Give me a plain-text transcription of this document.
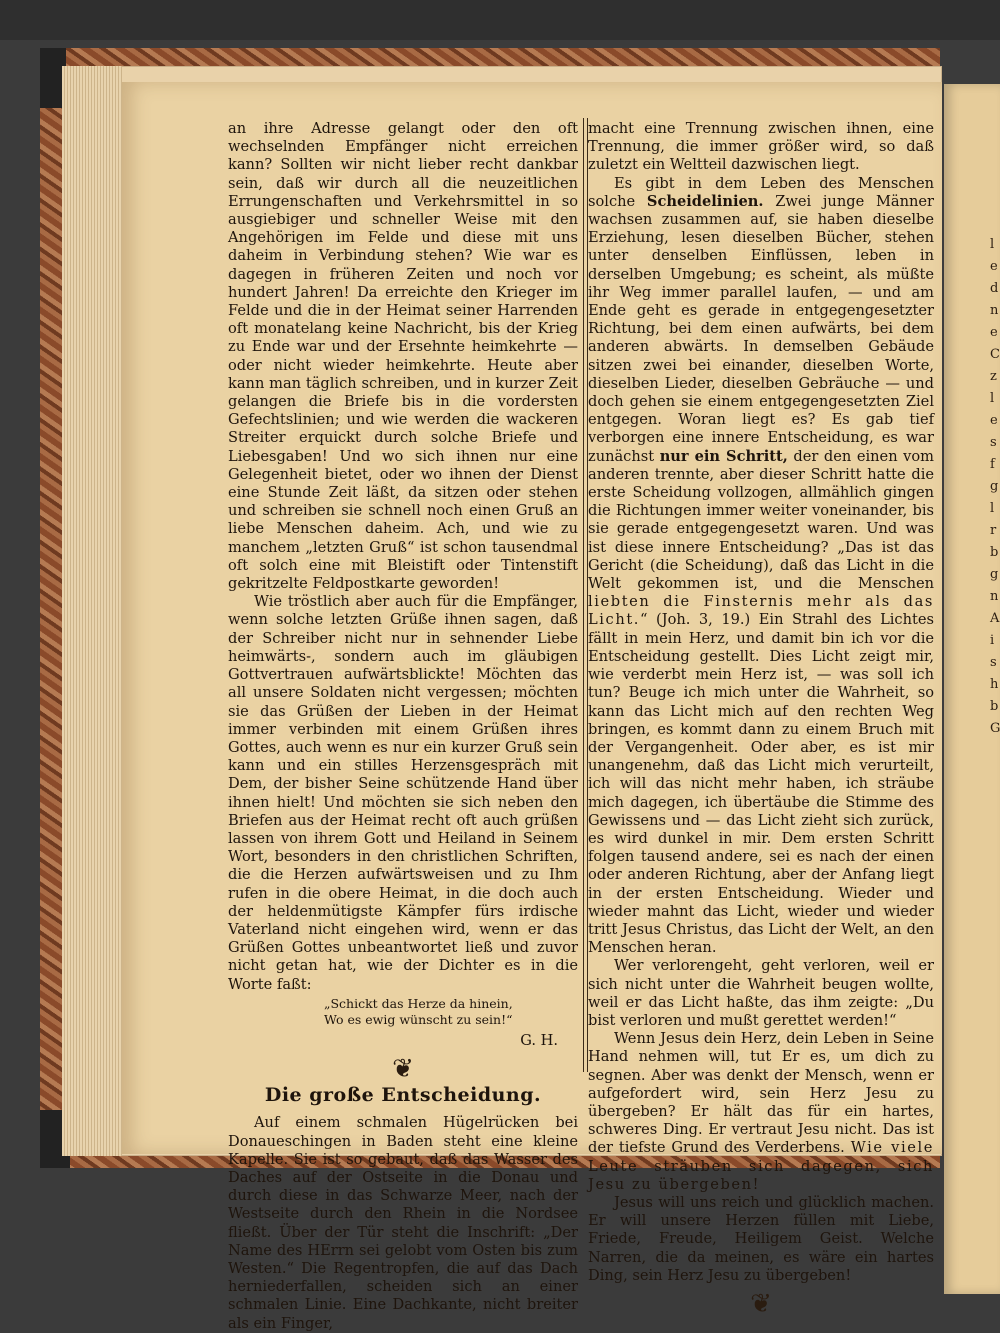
l
e
d
n
e
C
z
l
e
s
f
g
l
r
b
g
n
A
i
s
h
b
G

an ihre Adresse gelangt oder den oft wechselnden Empfänger nicht erreichen kann? Sollten wir nicht lieber recht dankbar sein, daß wir durch all die neuzeitlichen Errungenschaften und Verkehrsmittel in so ausgiebiger und schneller Weise mit den Angehörigen im Felde und diese mit uns daheim in Verbindung stehen? Wie war es dagegen in früheren Zeiten und noch vor hundert Jahren! Da erreichte den Krieger im Felde und die in der Heimat seiner Harrenden oft monatelang keine Nachricht, bis der Krieg zu Ende war und der Ersehnte heimkehrte — oder nicht wieder heimkehrte. Heute aber kann man täglich schreiben, und in kurzer Zeit gelangen die Briefe bis in die vordersten Gefechtslinien; und wie werden die wackeren Streiter erquickt durch solche Briefe und Liebesgaben! Und wo sich ihnen nur eine Gelegenheit bietet, oder wo ihnen der Dienst eine Stunde Zeit läßt, da sitzen oder stehen und schreiben sie schnell noch einen Gruß an liebe Menschen daheim. Ach, und wie zu manchem „letzten Gruß“ ist schon tausendmal oft solch eine mit Bleistift oder Tintenstift gekritzelte Feldpostkarte geworden!

Wie tröstlich aber auch für die Empfänger, wenn solche letzten Grüße ihnen sagen, daß der Schreiber nicht nur in sehnender Liebe heimwärts-, sondern auch im gläubigen Gottvertrauen aufwärtsblickte! Möchten das all unsere Soldaten nicht vergessen; möchten sie das Grüßen der Lieben in der Heimat immer verbinden mit einem Grüßen ihres Gottes, auch wenn es nur ein kurzer Gruß sein kann und ein stilles Herzensgespräch mit Dem, der bisher Seine schützende Hand über ihnen hielt! Und möchten sie sich neben den Briefen aus der Heimat recht oft auch grüßen lassen von ihrem Gott und Heiland in Seinem Wort, besonders in den christlichen Schriften, die die Herzen aufwärtsweisen und zu Ihm rufen in die obere Heimat, in die doch auch der heldenmütigste Kämpfer fürs irdische Vaterland nicht eingehen wird, wenn er das Grüßen Gottes unbeantwortet ließ und zuvor nicht getan hat, wie der Dichter es in die Worte faßt:

„Schickt das Herze da hinein,
Wo es ewig wünscht zu sein!“
G. H.
❦
Die große Entscheidung.

Auf einem schmalen Hügelrücken bei Donaueschingen in Baden steht eine kleine Kapelle. Sie ist so gebaut, daß das Wasser des Daches auf der Ostseite in die Donau und durch diese in das Schwarze Meer, nach der Westseite durch den Rhein in die Nordsee fließt. Über der Tür steht die Inschrift: „Der Name des HErrn sei gelobt vom Osten bis zum Westen.“ Die Regentropfen, die auf das Dach herniederfallen, scheiden sich an einer schmalen Linie. Eine Dachkante, nicht breiter als ein Finger,

macht eine Trennung zwischen ihnen, eine Trennung, die immer größer wird, so daß zuletzt ein Weltteil dazwischen liegt.

Es gibt in dem Leben des Menschen solche Scheidelinien. Zwei junge Männer wachsen zusammen auf, sie haben dieselbe Erziehung, lesen dieselben Bücher, stehen unter denselben Einflüssen, leben in derselben Umgebung; es scheint, als müßte ihr Weg immer parallel laufen, — und am Ende geht es gerade in entgegengesetzter Richtung, bei dem einen aufwärts, bei dem anderen abwärts. In demselben Gebäude sitzen zwei bei einander, dieselben Worte, dieselben Lieder, dieselben Gebräuche — und doch gehen sie einem entgegengesetzten Ziel entgegen. Woran liegt es? Es gab tief verborgen eine innere Entscheidung, es war zunächst nur ein Schritt, der den einen vom anderen trennte, aber dieser Schritt hatte die erste Scheidung vollzogen, allmählich gingen die Richtungen immer weiter voneinander, bis sie gerade entgegengesetzt waren. Und was ist diese innere Entscheidung? „Das ist das Gericht (die Scheidung), daß das Licht in die Welt gekommen ist, und die Menschen liebten die Finsternis mehr als das Licht.“ (Joh. 3, 19.) Ein Strahl des Lichtes fällt in mein Herz, und damit bin ich vor die Entscheidung gestellt. Dies Licht zeigt mir, wie verderbt mein Herz ist, — was soll ich tun? Beuge ich mich unter die Wahrheit, so kann das Licht mich auf den rechten Weg bringen, es kommt dann zu einem Bruch mit der Vergangenheit. Oder aber, es ist mir unangenehm, daß das Licht mich verurteilt, ich will das nicht mehr haben, ich sträube mich dagegen, ich übertäube die Stimme des Gewissens und — das Licht zieht sich zurück, es wird dunkel in mir. Dem ersten Schritt folgen tausend andere, sei es nach der einen oder anderen Richtung, aber der Anfang liegt in der ersten Entscheidung. Wieder und wieder mahnt das Licht, wieder und wieder tritt Jesus Christus, das Licht der Welt, an den Menschen heran.

Wer verlorengeht, geht verloren, weil er sich nicht unter die Wahrheit beugen wollte, weil er das Licht haßte, das ihm zeigte: „Du bist verloren und mußt gerettet werden!“

Wenn Jesus dein Herz, dein Leben in Seine Hand nehmen will, tut Er es, um dich zu segnen. Aber was denkt der Mensch, wenn er aufgefordert wird, sein Herz Jesu zu übergeben? Er hält das für ein hartes, schweres Ding. Er vertraut Jesu nicht. Das ist der tiefste Grund des Verderbens. Wie viele Leute sträuben sich dagegen, sich Jesu zu übergeben!

Jesus will uns reich und glücklich machen. Er will unsere Herzen füllen mit Liebe, Friede, Freude, Heiligem Geist. Welche Narren, die da meinen, es wäre ein hartes Ding, sein Herz Jesu zu übergeben!

❦
